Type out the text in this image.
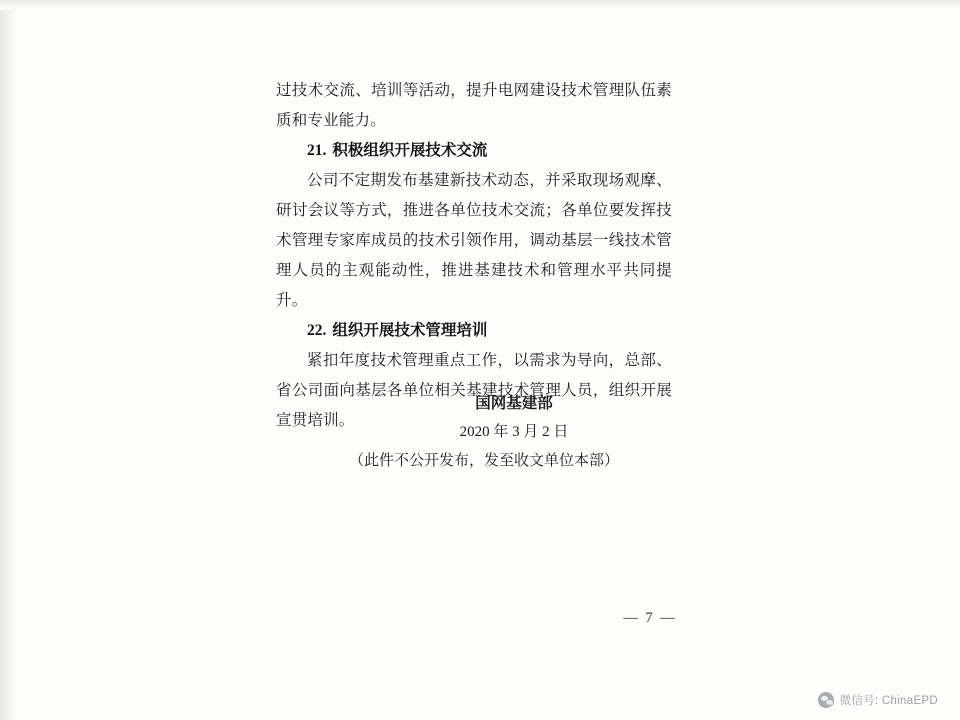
过技术交流、培训等活动，提升电网建设技术管理队伍素质和专业能力。

21. 积极组织开展技术交流

公司不定期发布基建新技术动态，并采取现场观摩、研讨会议等方式，推进各单位技术交流；各单位要发挥技术管理专家库成员的技术引领作用，调动基层一线技术管理人员的主观能动性，推进基建技术和管理水平共同提升。

22. 组织开展技术管理培训

紧扣年度技术管理重点工作，以需求为导向，总部、省公司面向基层各单位相关基建技术管理人员，组织开展宣贯培训。

国网基建部
2020 年 3 月 2 日
（此件不公开发布，发至收文单位本部）
— 7 —
微信号: ChinaEPD
